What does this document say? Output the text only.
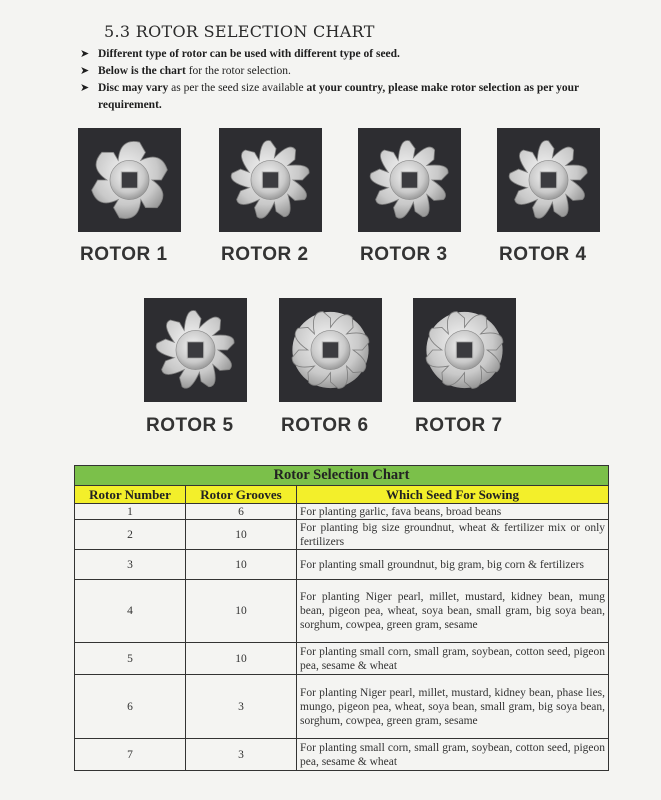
5.3 ROTOR SELECTION CHART
➤ Different type of rotor can be used with different type of seed.
➤ Below is the chart for the rotor selection.
➤ Disc may vary as per the seed size available at your country, please make rotor selection as per your requirement.
ROTOR 1	ROTOR 2	ROTOR 3	ROTOR 4
ROTOR 5 ROTOR 6 ROTOR 7
Rotor Selection Chart		
Rotor Number	Rotor Grooves	Which Seed For Sowing
1	6	For planting garlic, fava beans, broad beans
2	10	For planting big size groundnut, wheat & fertilizer mix or only fertilizers
3	10	For planting small groundnut, big gram, big corn & fertilizers
4	10	For planting Niger pearl, millet, mustard, kidney bean, mung bean, pigeon pea, wheat, soya bean, small gram, big soya bean, sorghum, cowpea, green gram, sesame
5	10	For planting small corn, small gram, soybean, cotton seed, pigeon pea, sesame & wheat
6	3	For planting Niger pearl, millet, mustard, kidney bean, phase lies, mungo, pigeon pea, wheat, soya bean, small gram, big soya bean, sorghum, cowpea, green gram, sesame
7	3	For planting small corn, small gram, soybean, cotton seed, pigeon pea, sesame & wheat
